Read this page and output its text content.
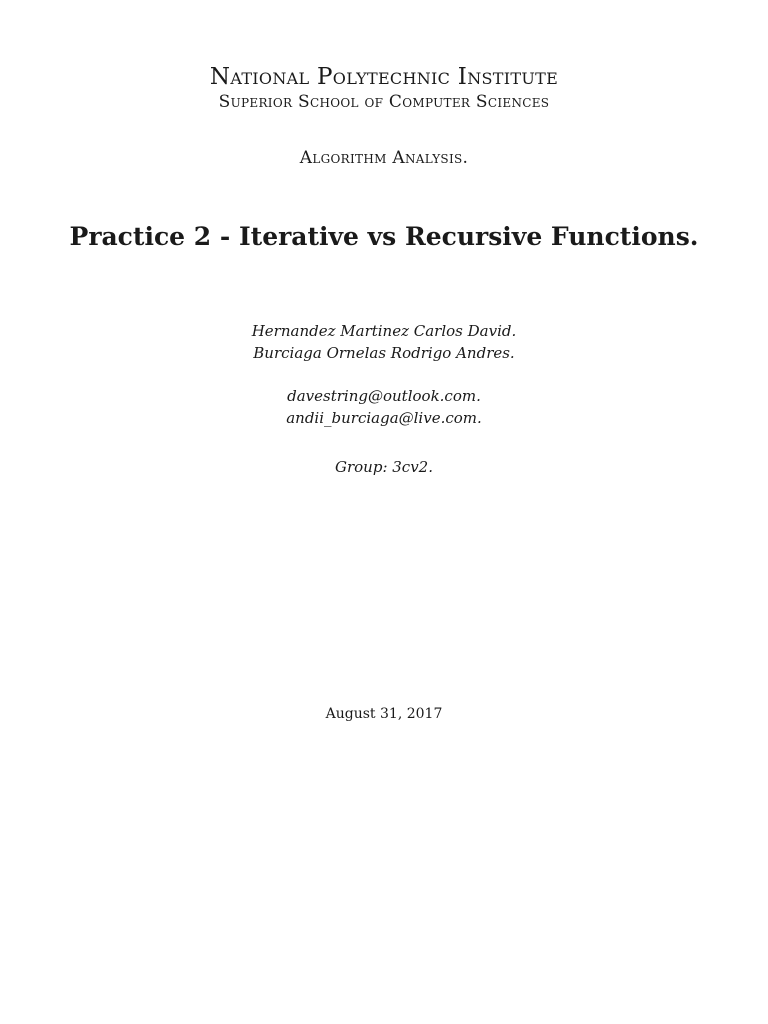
National Polytechnic Institute
Superior School of Computer Sciences
Algorithm Analysis.
Practice 2 - Iterative vs Recursive Functions.
Hernandez Martinez Carlos David.
Burciaga Ornelas Rodrigo Andres.
davestring@outlook.com.
andii_burciaga@live.com.
Group: 3cv2.
August 31, 2017
